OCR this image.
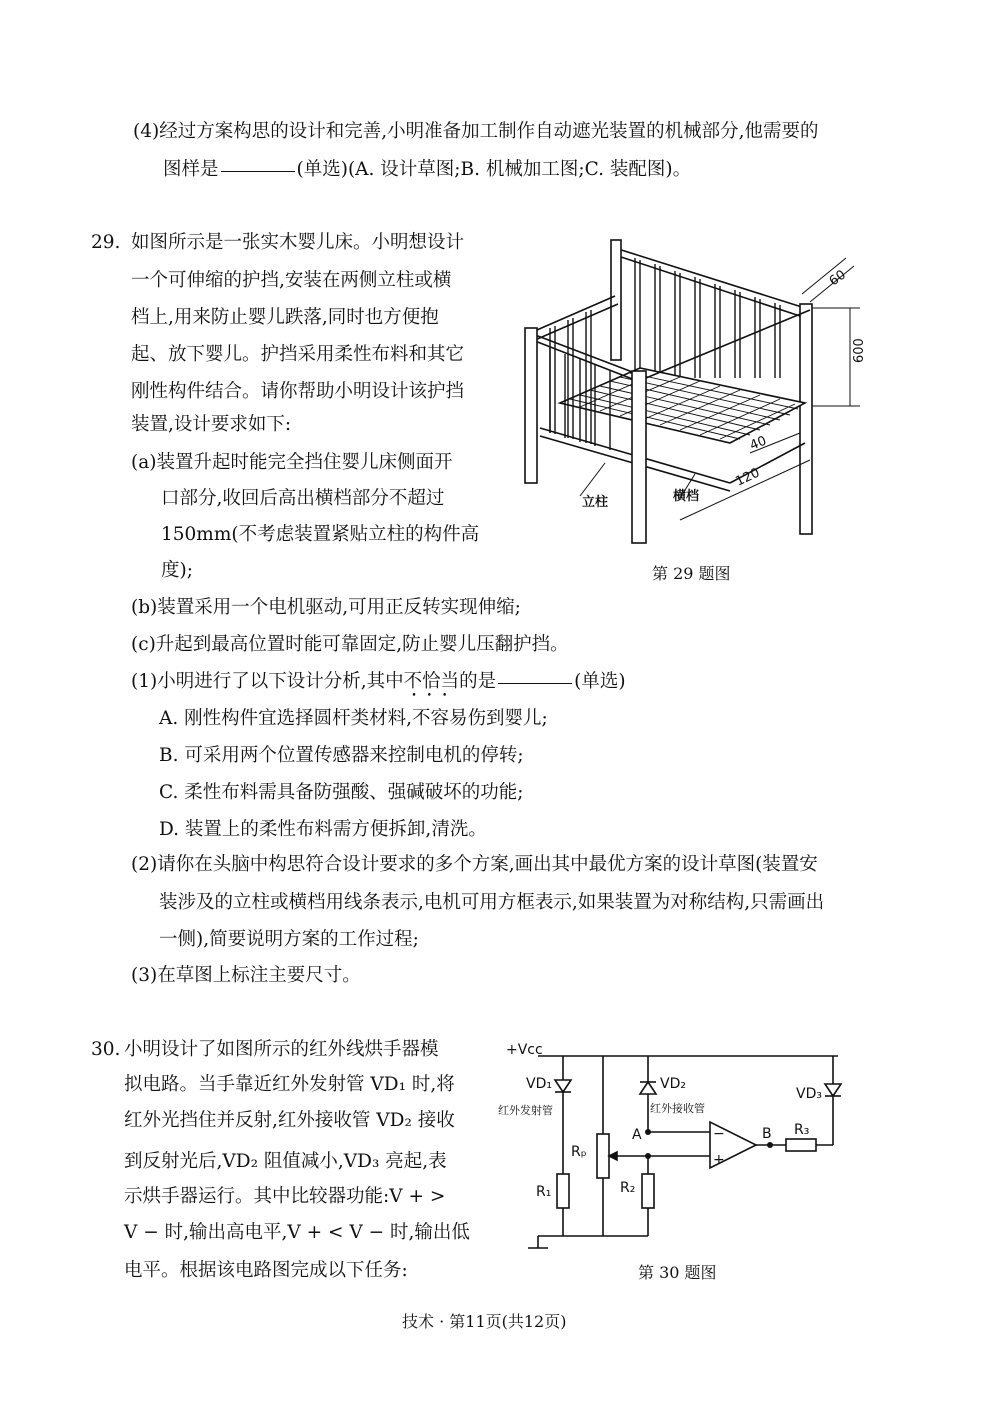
(4)经过方案构思的设计和完善,小明准备加工制作自动遮光装置的机械部分,他需要的
图样是	(单选)(A. 设计草图;B. 机械加工图;C. 装配图)。
29. 如图所示是一张实木婴儿床。小明想设计
一个可伸缩的护挡,安装在两侧立柱或横
档上,用来防止婴儿跌落,同时也方便抱
起、放下婴儿。护挡采用柔性布料和其它
刚性构件结合。请你帮助小明设计该护挡
装置,设计要求如下:
(a)装置升起时能完全挡住婴儿床侧面开
口部分,收回后高出横档部分不超过
150mm(不考虑装置紧贴立柱的构件高
度);
(b)装置采用一个电机驱动,可用正反转实现伸缩;
(c)升起到最高位置时能可靠固定,防止婴儿压翻护挡。
(1)小明进行了以下设计分析,其中不恰当
•••
的是	(单选)
A. 刚性构件宜选择圆杆类材料,不容易伤到婴儿;
B. 可采用两个位置传感器来控制电机的停转;
C. 柔性布料需具备防强酸、强碱破坏的功能;
D. 装置上的柔性布料需方便拆卸,清洗。
(2)请你在头脑中构思符合设计要求的多个方案,画出其中最优方案的设计草图(装置安
装涉及的立柱或横档用线条表示,电机可用方框表示,如果装置为对称结构,只需画出
一侧),简要说明方案的工作过程;
(3)在草图上标注主要尺寸。
60
600
40
120
立柱	横档
第 29 题图
30. 小明设计了如图所示的红外线烘手器模
拟电路。当手靠近红外发射管 VD₁ 时,将
红外光挡住并反射,红外接收管 VD₂ 接收
到反射光后,VD₂ 阻值减小,VD₃ 亮起,表
示烘手器运行。其中比较器功能:V + >
V − 时,输出高电平,V + < V − 时,输出低
电平。根据该电路图完成以下任务:
+Vcc
VD₁
红外发射管
VD₂
红外接收管
VD₃
Rₚ
R₁	R₂
R₃
A	B
−
+
第 30 题图
技术 · 第11页(共12页)
